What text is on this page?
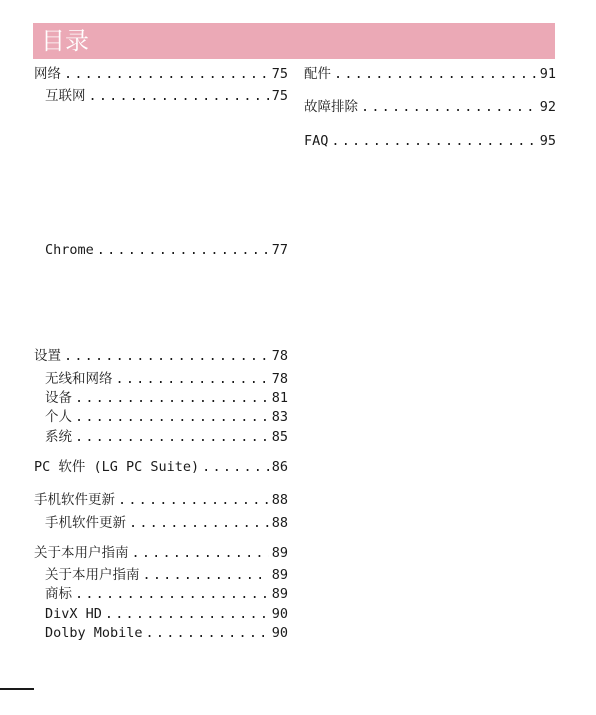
目录
网络 .....	75
互联网 .....	75
Chrome .....	77
设置 .....	78
无线和网络 .....	78
设备 .....	81
个人 .....	83
系统 .....	85
PC 软件 (LG PC Suite) .....	86
手机软件更新 .....	88
手机软件更新 .....	88
关于本用户指南 .....	89
关于本用户指南 .....	89
商标 .....	89
DivX HD .....	90
Dolby Mobile .....	90
配件 .....	91
故障排除 .....	92
FAQ .....	95
